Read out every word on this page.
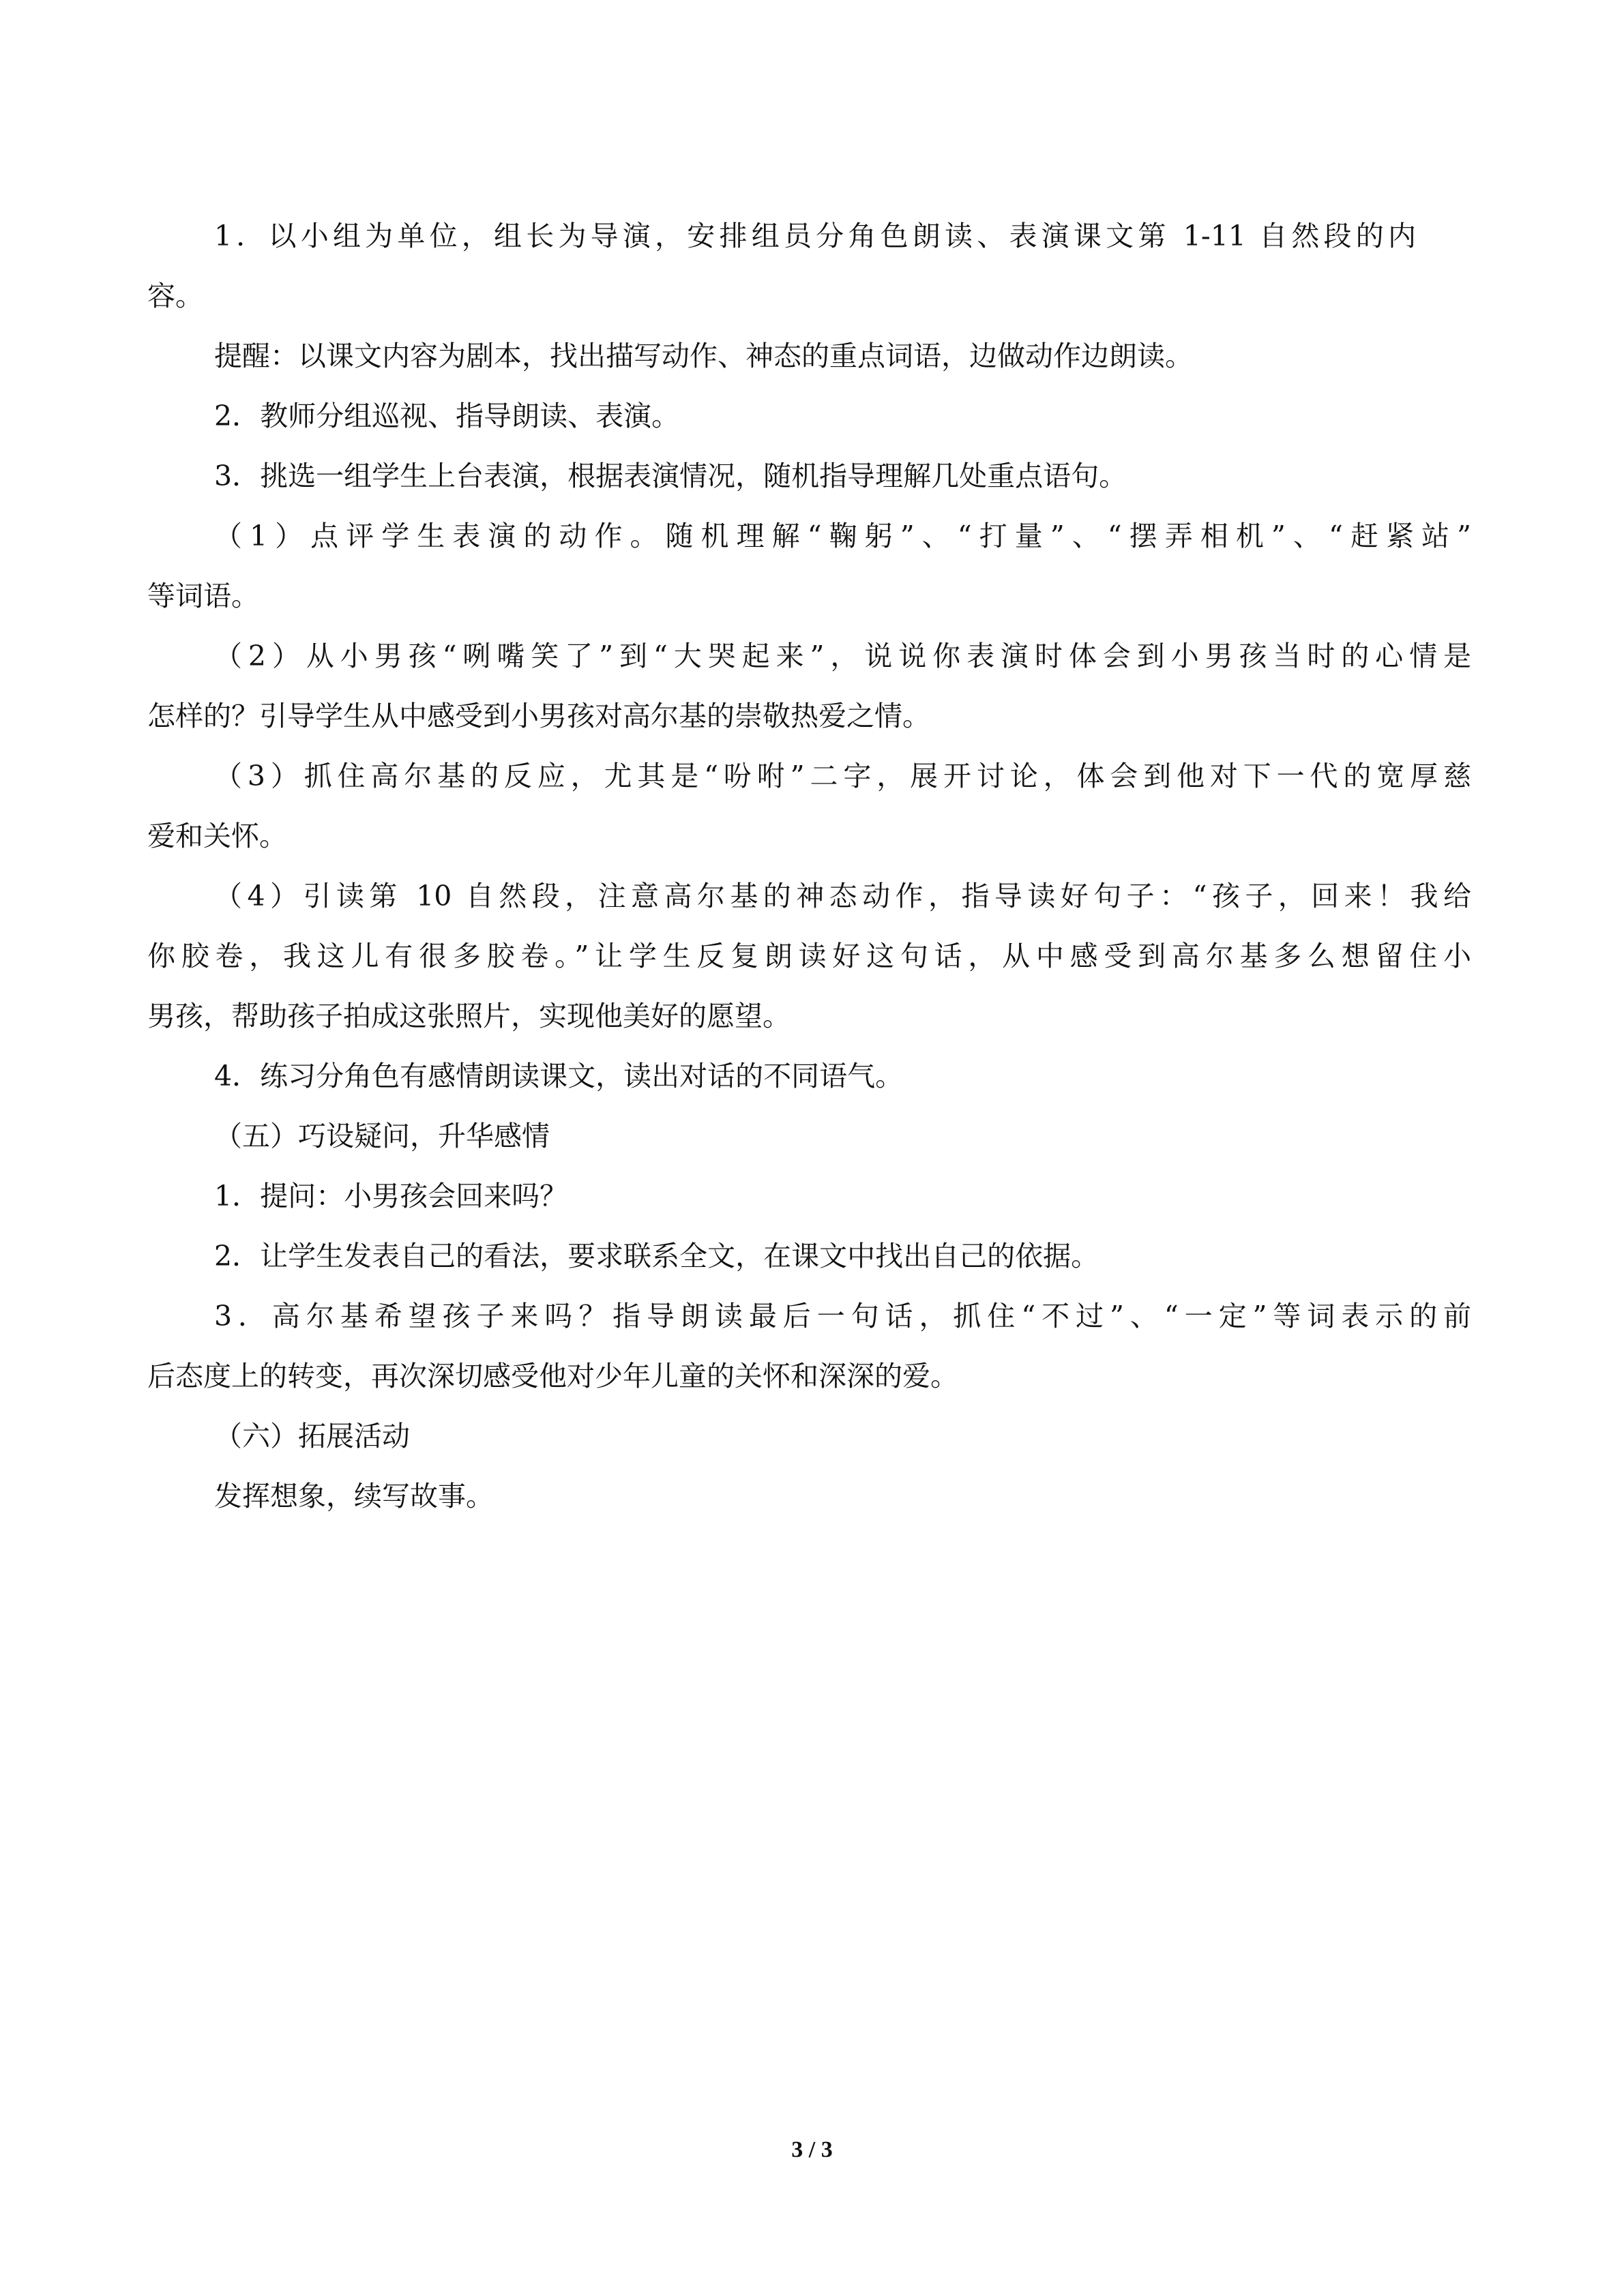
1．以小组为单位，组长为导演，安排组员分角色朗读、表演课文第 1-11 自然段的内
容。
提醒：以课文内容为剧本，找出描写动作、神态的重点词语，边做动作边朗读。
2．教师分组巡视、指导朗读、表演。
3．挑选一组学生上台表演，根据表演情况，随机指导理解几处重点语句。
（1）点评学生表演的动作。随机理解“鞠躬”、“打量”、“摆弄相机”、“赶紧站”
等词语。
（2）从小男孩“咧嘴笑了”到“大哭起来”，说说你表演时体会到小男孩当时的心情是
怎样的？引导学生从中感受到小男孩对高尔基的崇敬热爱之情。
（3）抓住高尔基的反应，尤其是“吩咐”二字，展开讨论，体会到他对下一代的宽厚慈
爱和关怀。
（4）引读第 10 自然段，注意高尔基的神态动作，指导读好句子：“孩子，回来！我给
你胶卷，我这儿有很多胶卷。”让学生反复朗读好这句话，从中感受到高尔基多么想留住小
男孩，帮助孩子拍成这张照片，实现他美好的愿望。
4．练习分角色有感情朗读课文，读出对话的不同语气。
（五）巧设疑问，升华感情
1．提问：小男孩会回来吗？
2．让学生发表自己的看法，要求联系全文，在课文中找出自己的依据。
3．高尔基希望孩子来吗？指导朗读最后一句话，抓住“不过”、“一定”等词表示的前
后态度上的转变，再次深切感受他对少年儿童的关怀和深深的爱。
（六）拓展活动
发挥想象，续写故事。
3 / 3
